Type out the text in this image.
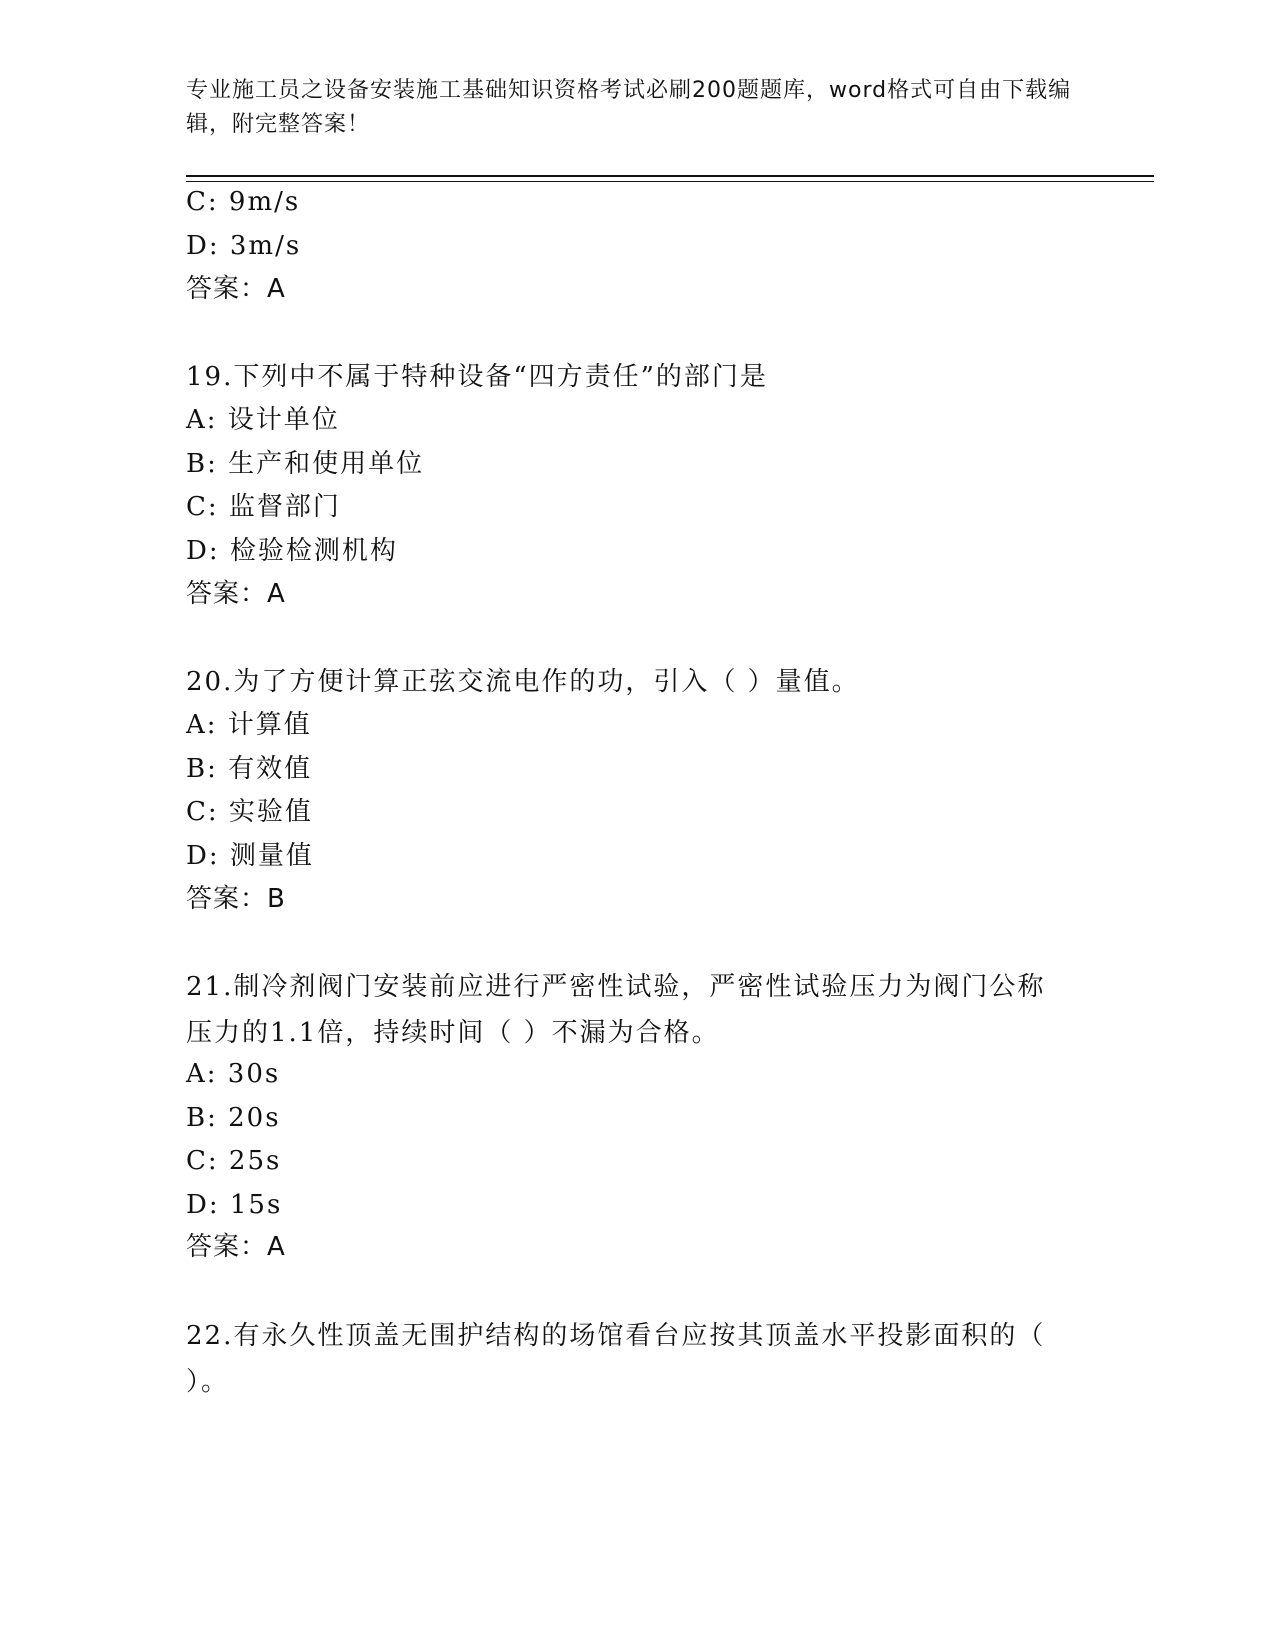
专业施工员之设备安装施工基础知识资格考试必刷200题题库，word格式可自由下载编辑，附完整答案！
C: 9m/s
D: 3m/s
答案：A
19.下列中不属于特种设备“四方责任”的部门是
A: 设计单位
B: 生产和使用单位
C: 监督部门
D: 检验检测机构
答案：A
20.为了方便计算正弦交流电作的功，引入（ ）量值。
A: 计算值
B: 有效值
C: 实验值
D: 测量值
答案：B
21.制冷剂阀门安装前应进行严密性试验，严密性试验压力为阀门公称压力的1.1倍，持续时间（ ）不漏为合格。
A: 30s
B: 20s
C: 25s
D: 15s
答案：A
22.有永久性顶盖无围护结构的场馆看台应按其顶盖水平投影面积的（ ）。
